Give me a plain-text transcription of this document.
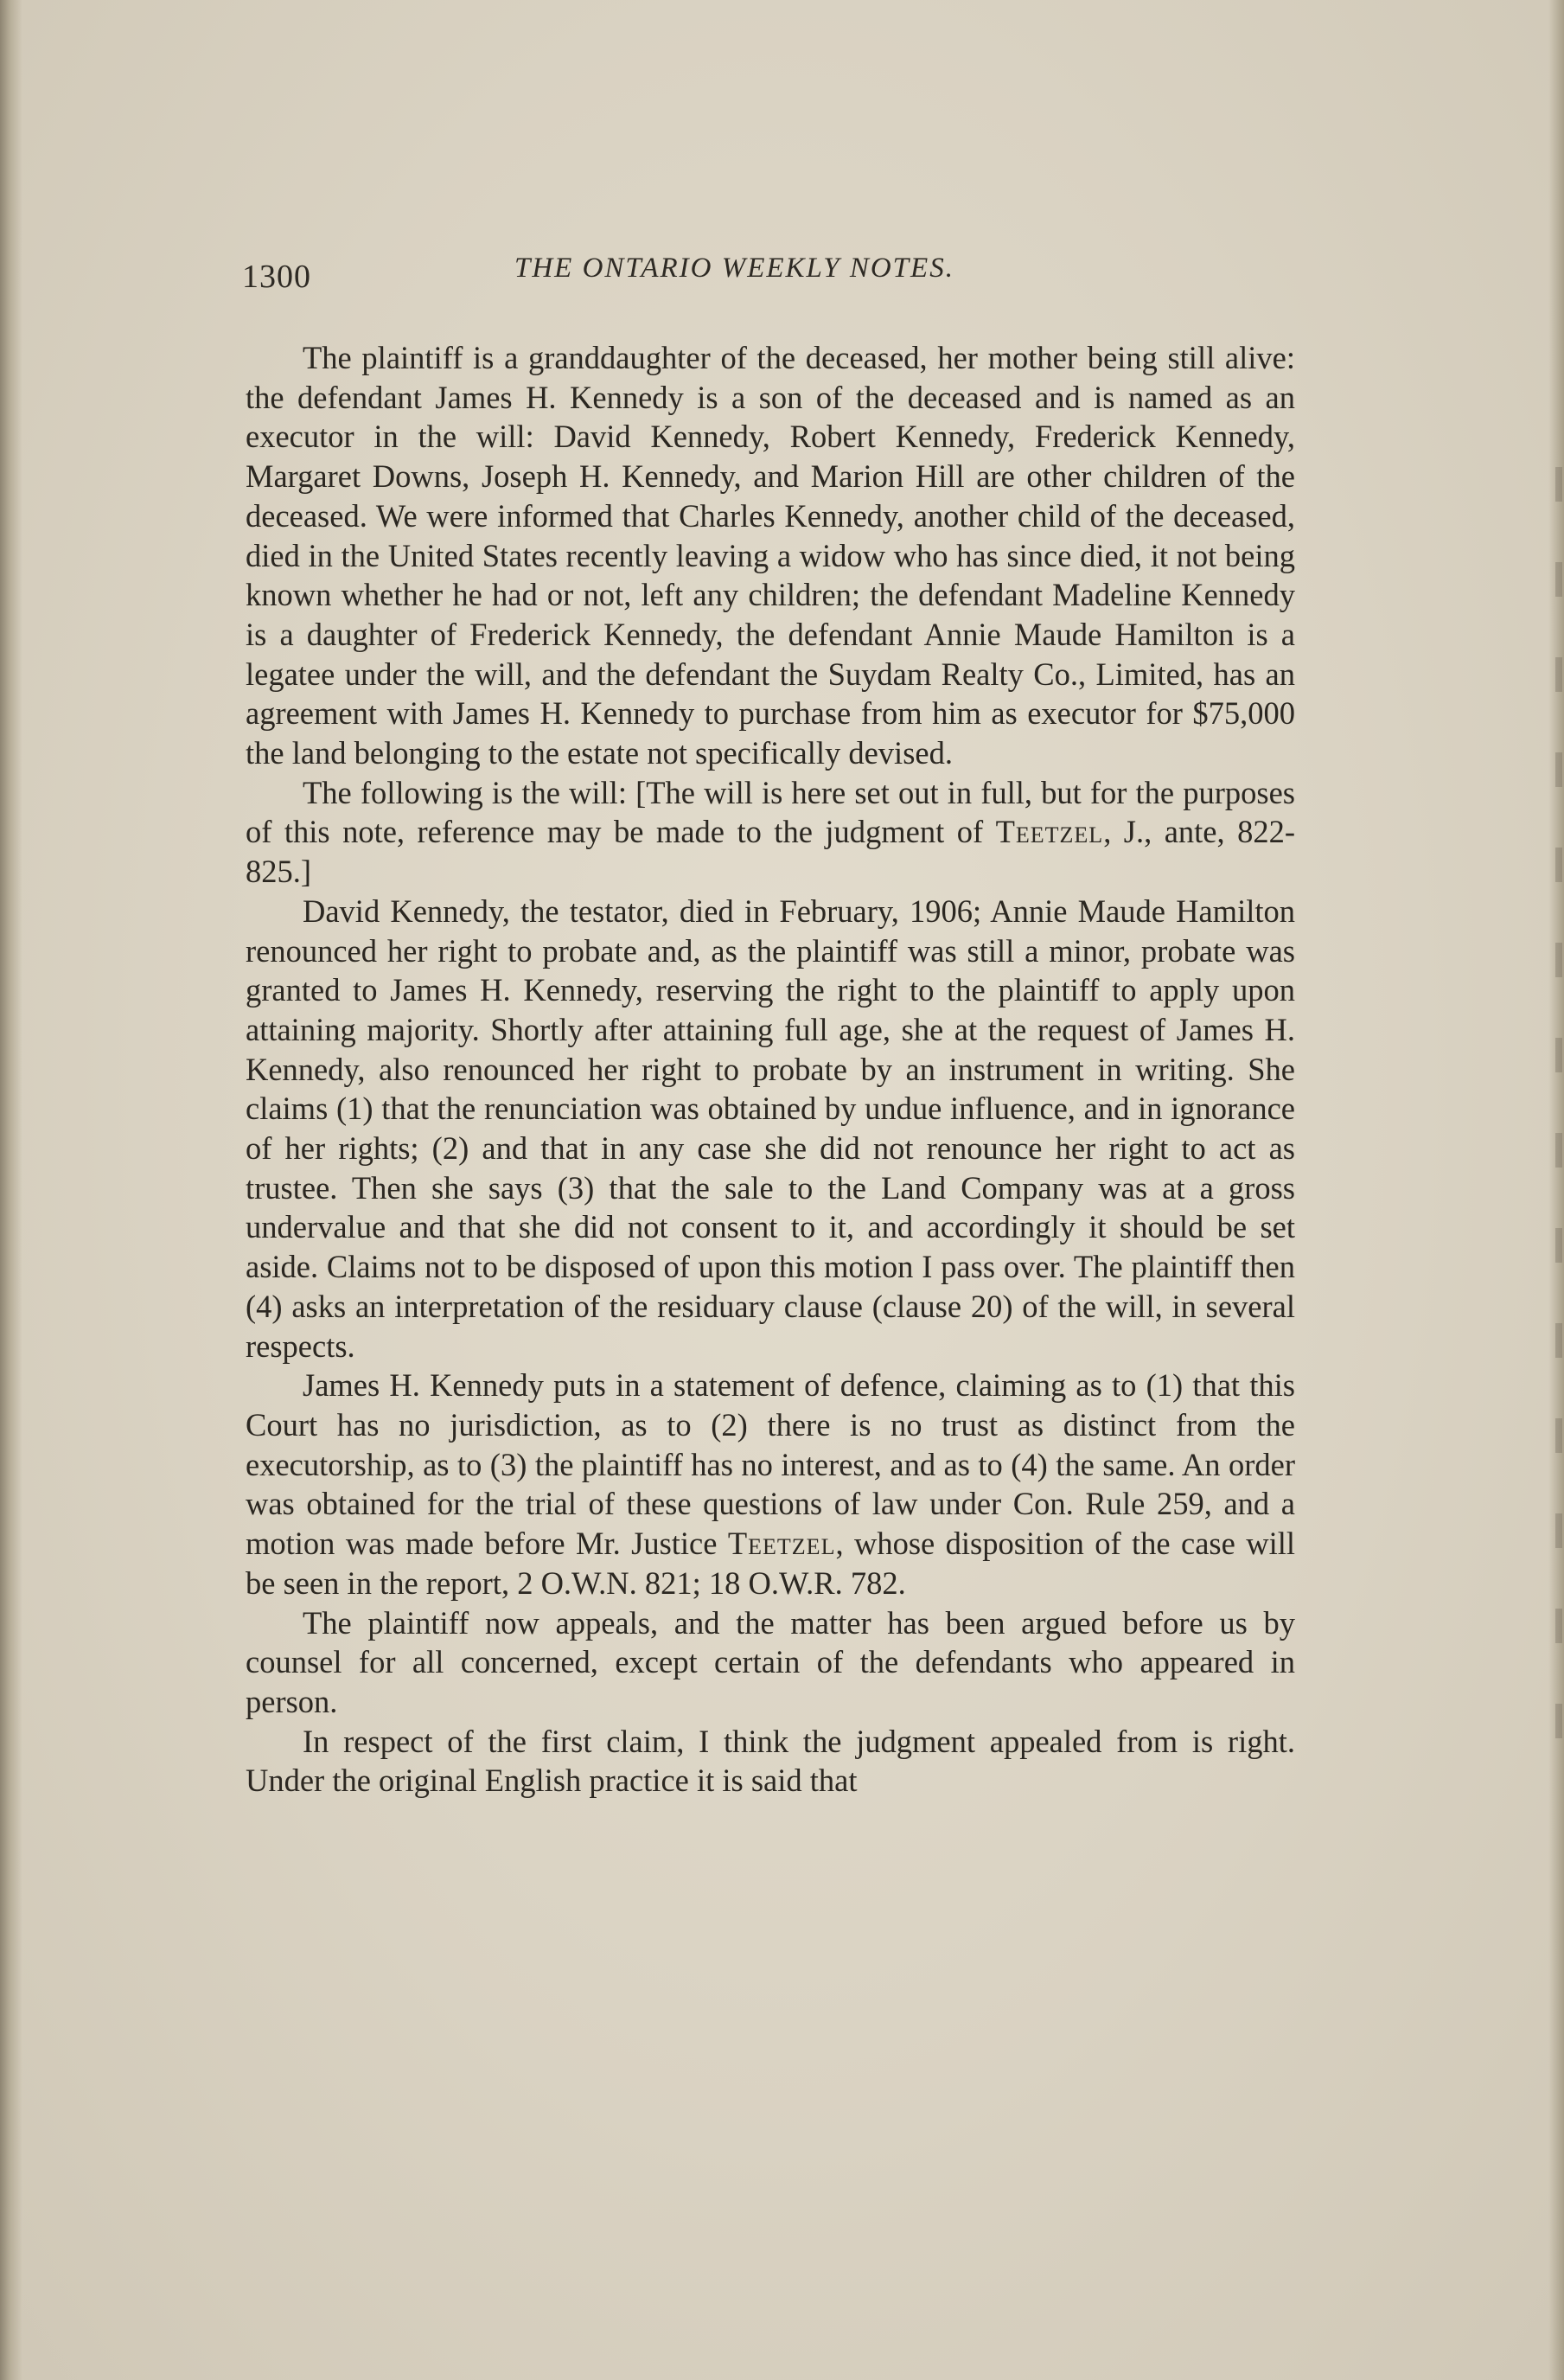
1300	THE ONTARIO WEEKLY NOTES.

The plaintiff is a granddaughter of the deceased, her mother being still alive: the defendant James H. Kennedy is a son of the deceased and is named as an executor in the will: David Kennedy, Robert Kennedy, Frederick Kennedy, Margaret Downs, Joseph H. Kennedy, and Marion Hill are other children of the deceased. We were informed that Charles Kennedy, another child of the deceased, died in the United States recently leaving a widow who has since died, it not being known whether he had or not, left any children; the defendant Madeline Kennedy is a daughter of Frederick Kennedy, the defendant Annie Maude Hamilton is a legatee under the will, and the defendant the Suydam Realty Co., Limited, has an agreement with James H. Kennedy to purchase from him as executor for $75,000 the land belonging to the estate not specifically devised.

The following is the will: [The will is here set out in full, but for the purposes of this note, reference may be made to the judgment of Teetzel, J., ante, 822-825.]

David Kennedy, the testator, died in February, 1906; Annie Maude Hamilton renounced her right to probate and, as the plaintiff was still a minor, probate was granted to James H. Kennedy, reserving the right to the plaintiff to apply upon attaining majority. Shortly after attaining full age, she at the request of James H. Kennedy, also renounced her right to probate by an instrument in writing. She claims (1) that the renunciation was obtained by undue influence, and in ignorance of her rights; (2) and that in any case she did not renounce her right to act as trustee. Then she says (3) that the sale to the Land Company was at a gross undervalue and that she did not consent to it, and accordingly it should be set aside. Claims not to be disposed of upon this motion I pass over. The plaintiff then (4) asks an interpretation of the residuary clause (clause 20) of the will, in several respects.

James H. Kennedy puts in a statement of defence, claiming as to (1) that this Court has no jurisdiction, as to (2) there is no trust as distinct from the executorship, as to (3) the plaintiff has no interest, and as to (4) the same. An order was obtained for the trial of these questions of law under Con. Rule 259, and a motion was made before Mr. Justice Teetzel, whose disposition of the case will be seen in the report, 2 O.W.N. 821; 18 O.W.R. 782.

The plaintiff now appeals, and the matter has been argued before us by counsel for all concerned, except certain of the defendants who appeared in person.

In respect of the first claim, I think the judgment appealed from is right. Under the original English practice it is said that
